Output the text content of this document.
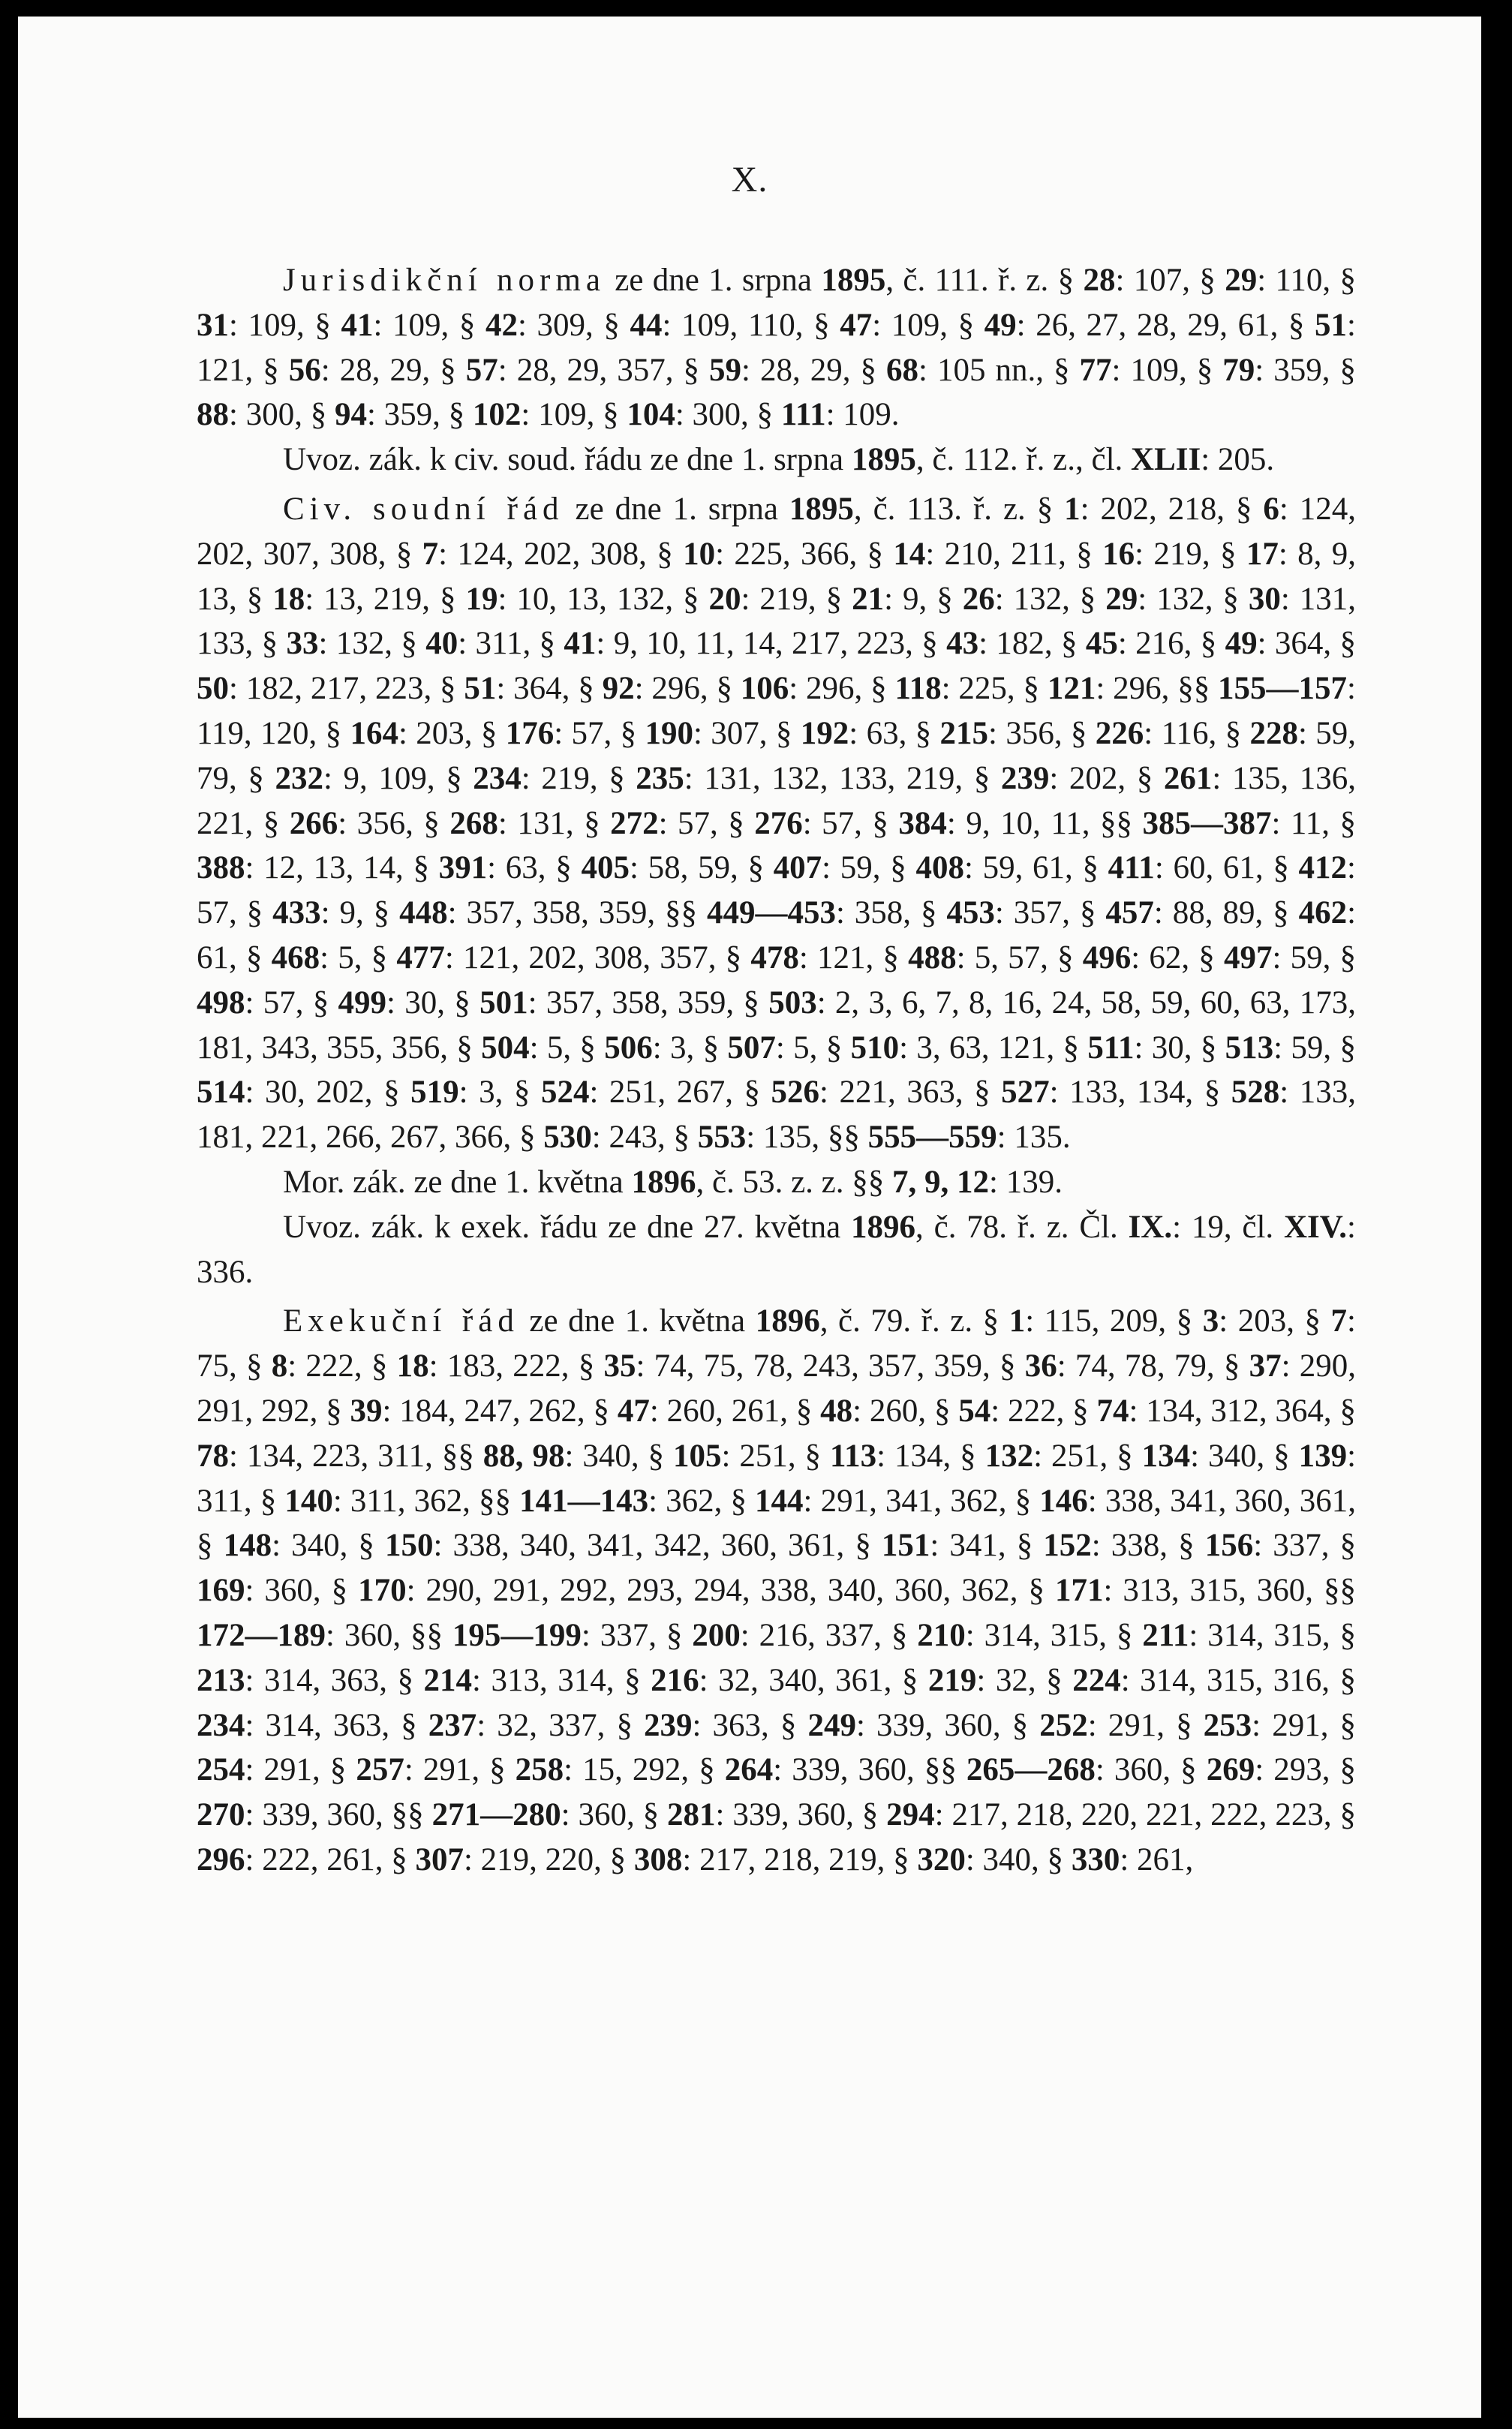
X.

Jurisdikční norma ze dne 1. srpna 1895, č. 111. ř. z. § 28: 107, § 29: 110, § 31: 109, § 41: 109, § 42: 309, § 44: 109, 110, § 47: 109, § 49: 26, 27, 28, 29, 61, § 51: 121, § 56: 28, 29, § 57: 28, 29, 357, § 59: 28, 29, § 68: 105 nn., § 77: 109, § 79: 359, § 88: 300, § 94: 359, § 102: 109, § 104: 300, § 111: 109.

Uvoz. zák. k civ. soud. řádu ze dne 1. srpna 1895, č. 112. ř. z., čl. XLII: 205.

Civ. soudní řád ze dne 1. srpna 1895, č. 113. ř. z. § 1: 202, 218, § 6: 124, 202, 307, 308, § 7: 124, 202, 308, § 10: 225, 366, § 14: 210, 211, § 16: 219, § 17: 8, 9, 13, § 18: 13, 219, § 19: 10, 13, 132, § 20: 219, § 21: 9, § 26: 132, § 29: 132, § 30: 131, 133, § 33: 132, § 40: 311, § 41: 9, 10, 11, 14, 217, 223, § 43: 182, § 45: 216, § 49: 364, § 50: 182, 217, 223, § 51: 364, § 92: 296, § 106: 296, § 118: 225, § 121: 296, §§ 155—157: 119, 120, § 164: 203, § 176: 57, § 190: 307, § 192: 63, § 215: 356, § 226: 116, § 228: 59, 79, § 232: 9, 109, § 234: 219, § 235: 131, 132, 133, 219, § 239: 202, § 261: 135, 136, 221, § 266: 356, § 268: 131, § 272: 57, § 276: 57, § 384: 9, 10, 11, §§ 385—387: 11, § 388: 12, 13, 14, § 391: 63, § 405: 58, 59, § 407: 59, § 408: 59, 61, § 411: 60, 61, § 412: 57, § 433: 9, § 448: 357, 358, 359, §§ 449—453: 358, § 453: 357, § 457: 88, 89, § 462: 61, § 468: 5, § 477: 121, 202, 308, 357, § 478: 121, § 488: 5, 57, § 496: 62, § 497: 59, § 498: 57, § 499: 30, § 501: 357, 358, 359, § 503: 2, 3, 6, 7, 8, 16, 24, 58, 59, 60, 63, 173, 181, 343, 355, 356, § 504: 5, § 506: 3, § 507: 5, § 510: 3, 63, 121, § 511: 30, § 513: 59, § 514: 30, 202, § 519: 3, § 524: 251, 267, § 526: 221, 363, § 527: 133, 134, § 528: 133, 181, 221, 266, 267, 366, § 530: 243, § 553: 135, §§ 555—559: 135.

Mor. zák. ze dne 1. května 1896, č. 53. z. z. §§ 7, 9, 12: 139.

Uvoz. zák. k exek. řádu ze dne 27. května 1896, č. 78. ř. z. Čl. IX.: 19, čl. XIV.: 336.

Exekuční řád ze dne 1. května 1896, č. 79. ř. z. § 1: 115, 209, § 3: 203, § 7: 75, § 8: 222, § 18: 183, 222, § 35: 74, 75, 78, 243, 357, 359, § 36: 74, 78, 79, § 37: 290, 291, 292, § 39: 184, 247, 262, § 47: 260, 261, § 48: 260, § 54: 222, § 74: 134, 312, 364, § 78: 134, 223, 311, §§ 88, 98: 340, § 105: 251, § 113: 134, § 132: 251, § 134: 340, § 139: 311, § 140: 311, 362, §§ 141—143: 362, § 144: 291, 341, 362, § 146: 338, 341, 360, 361, § 148: 340, § 150: 338, 340, 341, 342, 360, 361, § 151: 341, § 152: 338, § 156: 337, § 169: 360, § 170: 290, 291, 292, 293, 294, 338, 340, 360, 362, § 171: 313, 315, 360, §§ 172—189: 360, §§ 195—199: 337, § 200: 216, 337, § 210: 314, 315, § 211: 314, 315, § 213: 314, 363, § 214: 313, 314, § 216: 32, 340, 361, § 219: 32, § 224: 314, 315, 316, § 234: 314, 363, § 237: 32, 337, § 239: 363, § 249: 339, 360, § 252: 291, § 253: 291, § 254: 291, § 257: 291, § 258: 15, 292, § 264: 339, 360, §§ 265—268: 360, § 269: 293, § 270: 339, 360, §§ 271—280: 360, § 281: 339, 360, § 294: 217, 218, 220, 221, 222, 223, § 296: 222, 261, § 307: 219, 220, § 308: 217, 218, 219, § 320: 340, § 330: 261,
